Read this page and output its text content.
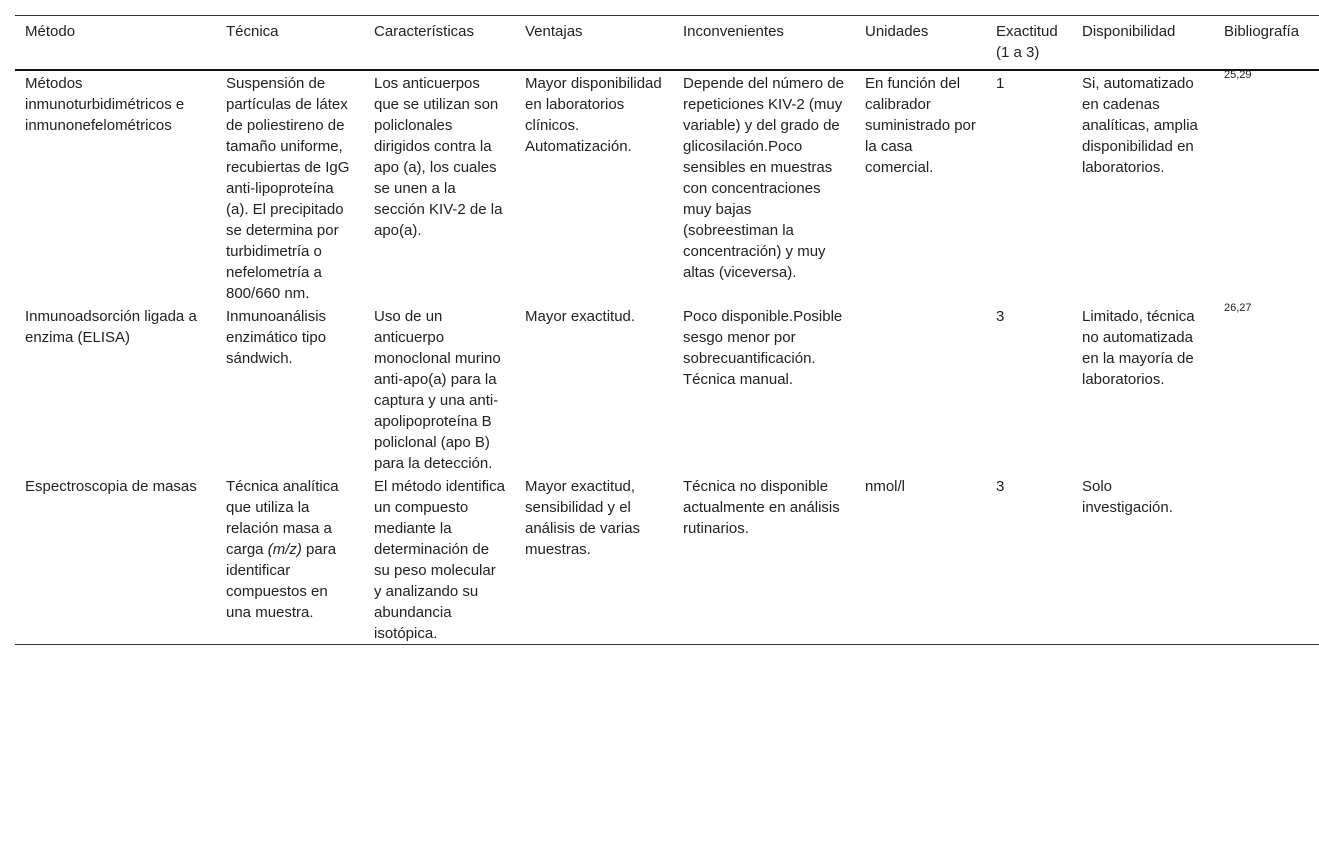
Método	Técnica	Características	Ventajas	Inconvenientes	Unidades	Exactitud (1 a 3)	Disponibilidad	Bibliografía
Métodos inmunoturbidimétricos e inmunonefelométricos	Suspensión de partículas de látex de poliestireno de tamaño uniforme, recubiertas de IgG anti-lipoproteína (a). El precipitado se determina por turbidimetría o nefelometría a 800/660 nm.	Los anticuerpos que se utilizan son policlonales dirigidos contra la apo (a), los cuales se unen a la sección KIV-2 de la apo(a).	Mayor disponibilidad en laboratorios clínicos. Automatización.	Depende del número de repeticiones KIV-2 (muy variable) y del grado de glicosilación.Poco sensibles en muestras con concentraciones muy bajas (sobreestiman la concentración) y muy altas (viceversa).	En función del calibrador suministrado por la casa comercial.	1	Si, automatizado en cadenas analíticas, amplia disponibilidad en laboratorios.	$^{25,29}$
Inmunoadsorción ligada a enzima (ELISA)	Inmunoanálisis enzimático tipo sándwich.	Uso de un anticuerpo monoclonal murino anti-apo(a) para la captura y una anti-apolipoproteína B policlonal (apo B) para la detección.	Mayor exactitud.	Poco disponible.Posible sesgo menor por sobrecuantificación. Técnica manual.		3	Limitado, técnica no automatizada en la mayoría de laboratorios.	$^{26,27}$
Espectroscopia de masas	Técnica analítica que utiliza la relación masa a carga (m/z) para identificar compuestos en una muestra.	El método identifica un compuesto mediante la determinación de su peso molecular y analizando su abundancia isotópica.	Mayor exactitud, sensibilidad y el análisis de varias muestras.	Técnica no disponible actualmente en análisis rutinarios.	nmol/l	3	Solo investigación.	
